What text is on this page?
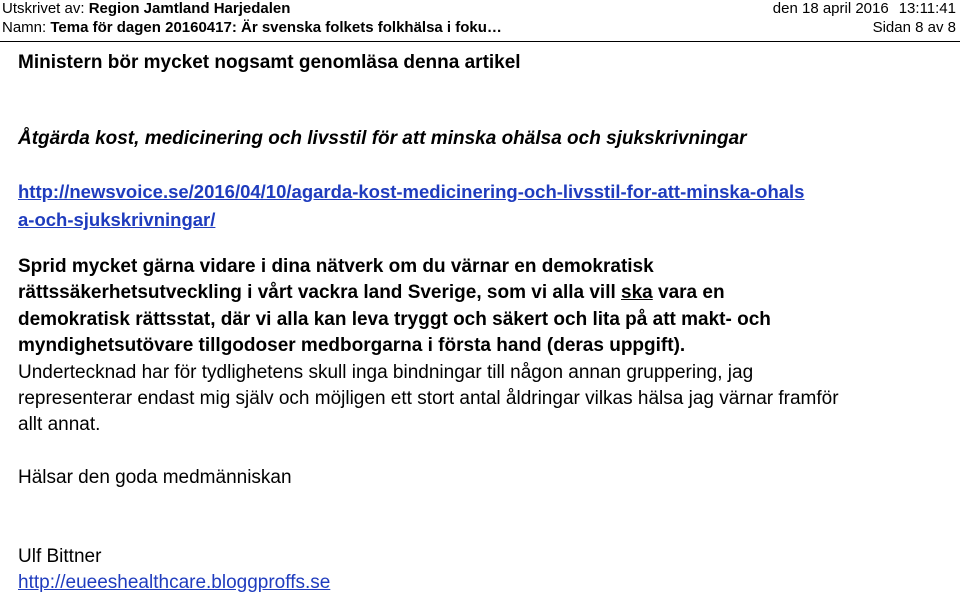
Utskrivet av: Region Jamtland Harjedalen	den 18 april 2016 13:11:41
Namn: Tema för dagen 20160417: Är svenska folkets folkhälsa i foku…	Sidan 8 av 8
Ministern bör mycket nogsamt genomläsa denna artikel
Åtgärda kost, medicinering och livsstil för att minska ohälsa och sjukskrivningar
http://newsvoice.se/2016/04/10/agarda-kost-medicinering-och-livsstil-for-att-minska-ohals
a-och-sjukskrivningar/
Sprid mycket gärna vidare i dina nätverk om du värnar en demokratisk
rättssäkerhetsutveckling i vårt vackra land Sverige, som vi alla vill ska vara en
demokratisk rättsstat, där vi alla kan leva tryggt och säkert och lita på att makt- och
myndighetsutövare tillgodoser medborgarna i första hand (deras uppgift).
Undertecknad har för tydlighetens skull inga bindningar till någon annan gruppering, jag
representerar endast mig själv och möjligen ett stort antal åldringar vilkas hälsa jag värnar framför
allt annat.
Hälsar den goda medmänniskan
Ulf Bittner
http://eueeshealthcare.bloggproffs.se
